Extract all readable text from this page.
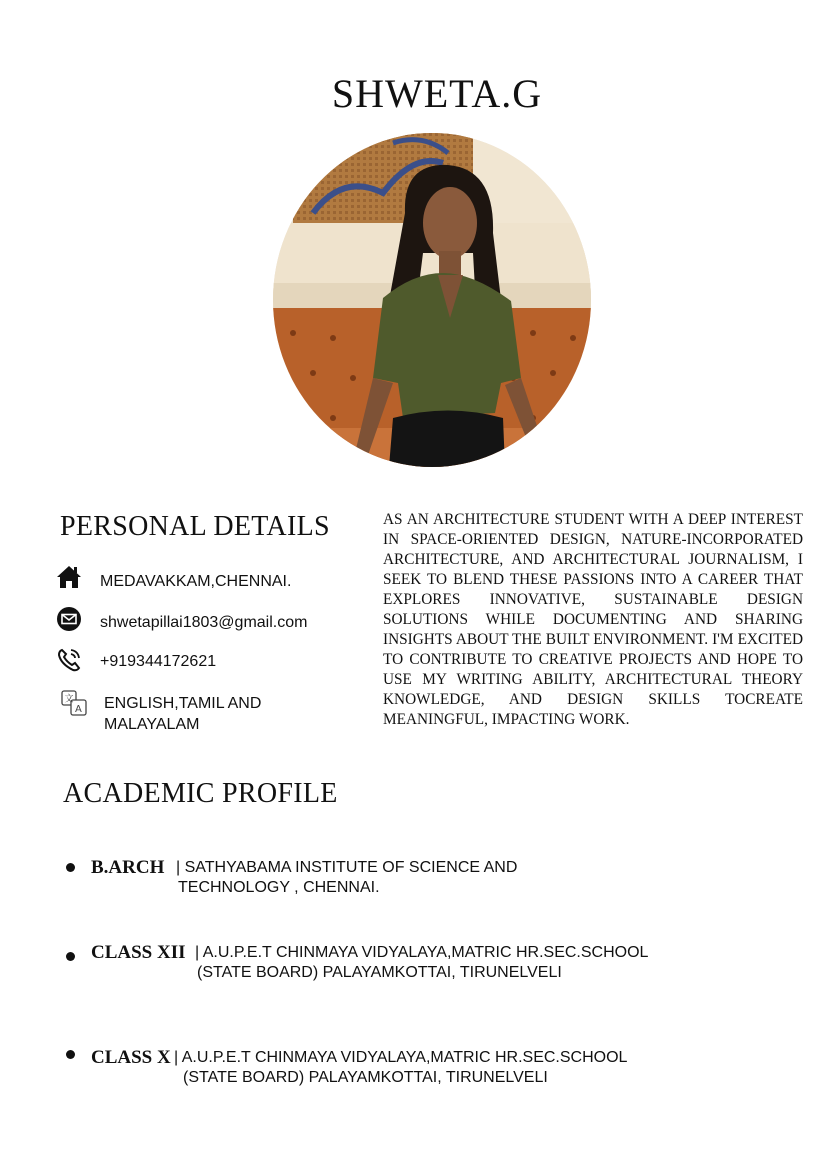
SHWETA.G
PERSONAL DETAILS
MEDAVAKKAM,CHENNAI.
shwetapillai1803@gmail.com
+919344172621
文
A ENGLISH,TAMIL AND MALAYALAM

AS AN ARCHITECTURE STUDENT WITH A DEEP INTEREST IN SPACE-ORIENTED DESIGN, NATURE-INCORPORATED ARCHITECTURE, AND ARCHITECTURAL JOURNALISM, I SEEK TO BLEND THESE PASSIONS INTO A CAREER THAT EXPLORES INNOVATIVE, SUSTAINABLE DESIGN SOLUTIONS WHILE DOCUMENTING AND SHARING INSIGHTS ABOUT THE BUILT ENVIRONMENT. I'M EXCITED TO CONTRIBUTE TO CREATIVE PROJECTS AND HOPE TO USE MY WRITING ABILITY, ARCHITECTURAL THEORY KNOWLEDGE, AND DESIGN SKILLS TOCREATE MEANINGFUL, IMPACTING WORK.

ACADEMIC PROFILE
B.ARCH | SATHYABAMA INSTITUTE OF SCIENCE AND
TECHNOLOGY , CHENNAI.
CLASS XII | A.U.P.E.T CHINMAYA VIDYALAYA,MATRIC HR.SEC.SCHOOL
(STATE BOARD) PALAYAMKOTTAI, TIRUNELVELI
CLASS X | A.U.P.E.T CHINMAYA VIDYALAYA,MATRIC HR.SEC.SCHOOL
(STATE BOARD) PALAYAMKOTTAI, TIRUNELVELI
